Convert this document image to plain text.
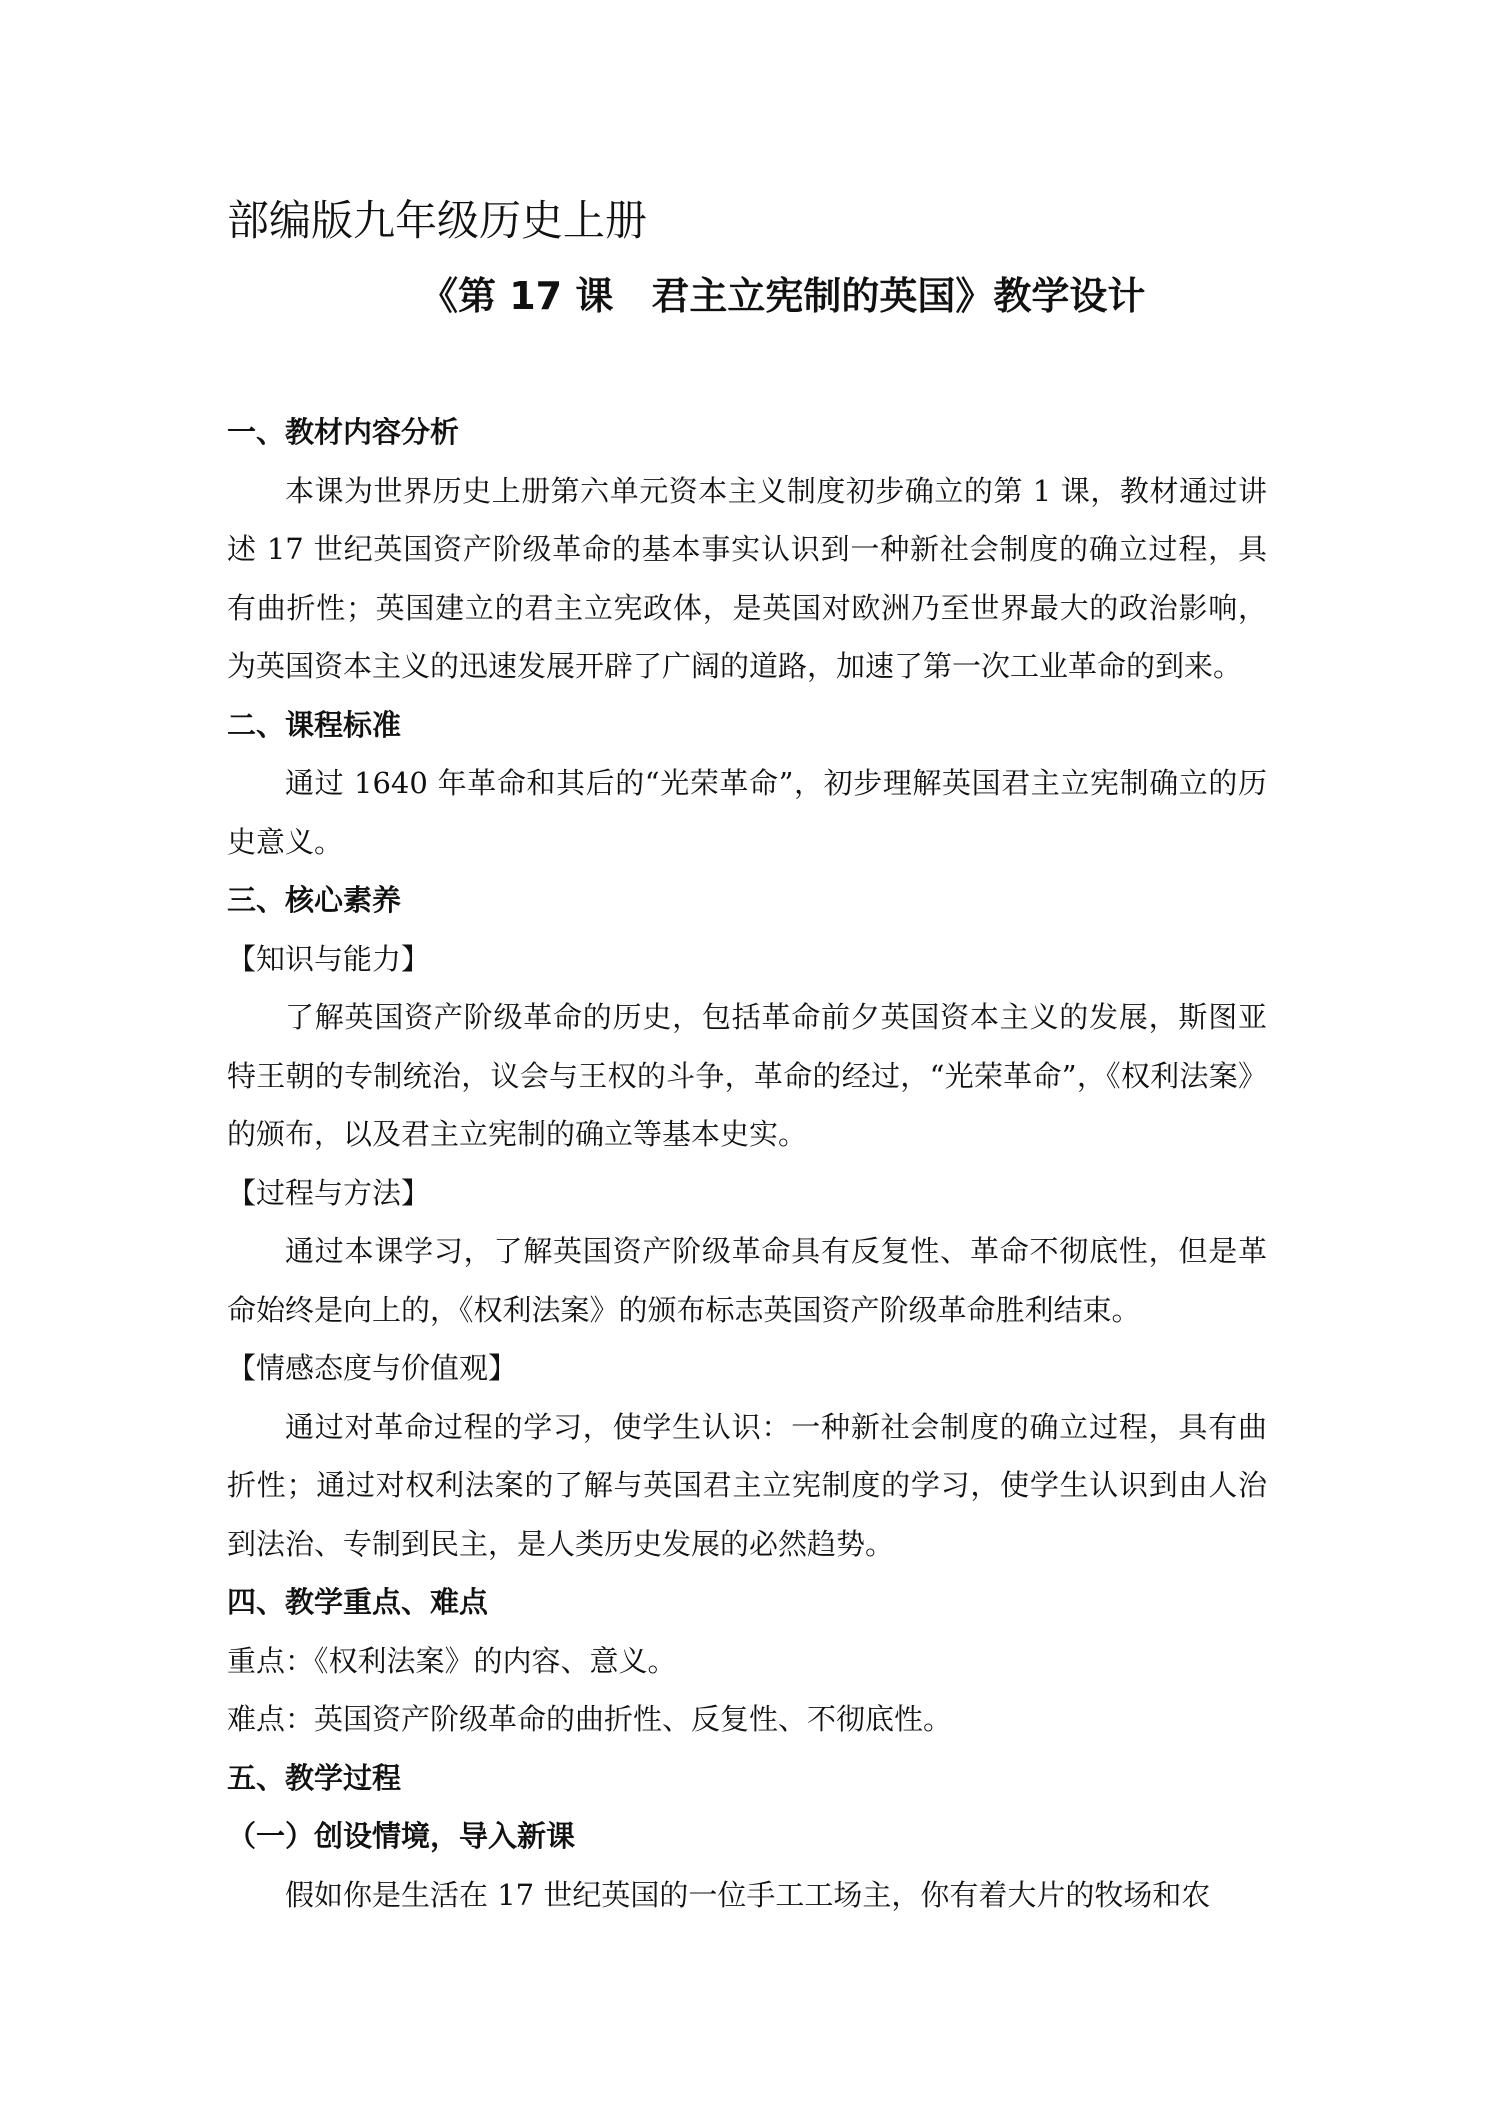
部编版九年级历史上册
《第 17 课　君主立宪制的英国》教学设计

一、教材内容分析

本课为世界历史上册第六单元资本主义制度初步确立的第 1 课，教材通过讲述 17 世纪英国资产阶级革命的基本事实认识到一种新社会制度的确立过程，具有曲折性；英国建立的君主立宪政体，是英国对欧洲乃至世界最大的政治影响，为英国资本主义的迅速发展开辟了广阔的道路，加速了第一次工业革命的到来。

二、课程标准

通过 1640 年革命和其后的“光荣革命”，初步理解英国君主立宪制确立的历史意义。

三、核心素养

【知识与能力】

了解英国资产阶级革命的历史，包括革命前夕英国资本主义的发展，斯图亚特王朝的专制统治，议会与王权的斗争，革命的经过，“光荣革命”，《权利法案》的颁布，以及君主立宪制的确立等基本史实。

【过程与方法】

通过本课学习，了解英国资产阶级革命具有反复性、革命不彻底性，但是革命始终是向上的，《权利法案》的颁布标志英国资产阶级革命胜利结束。

【情感态度与价值观】

通过对革命过程的学习，使学生认识：一种新社会制度的确立过程，具有曲折性；通过对权利法案的了解与英国君主立宪制度的学习，使学生认识到由人治到法治、专制到民主，是人类历史发展的必然趋势。

四、教学重点、难点

重点：《权利法案》的内容、意义。

难点：英国资产阶级革命的曲折性、反复性、不彻底性。

五、教学过程

（一）创设情境，导入新课

假如你是生活在 17 世纪英国的一位手工工场主，你有着大片的牧场和农
